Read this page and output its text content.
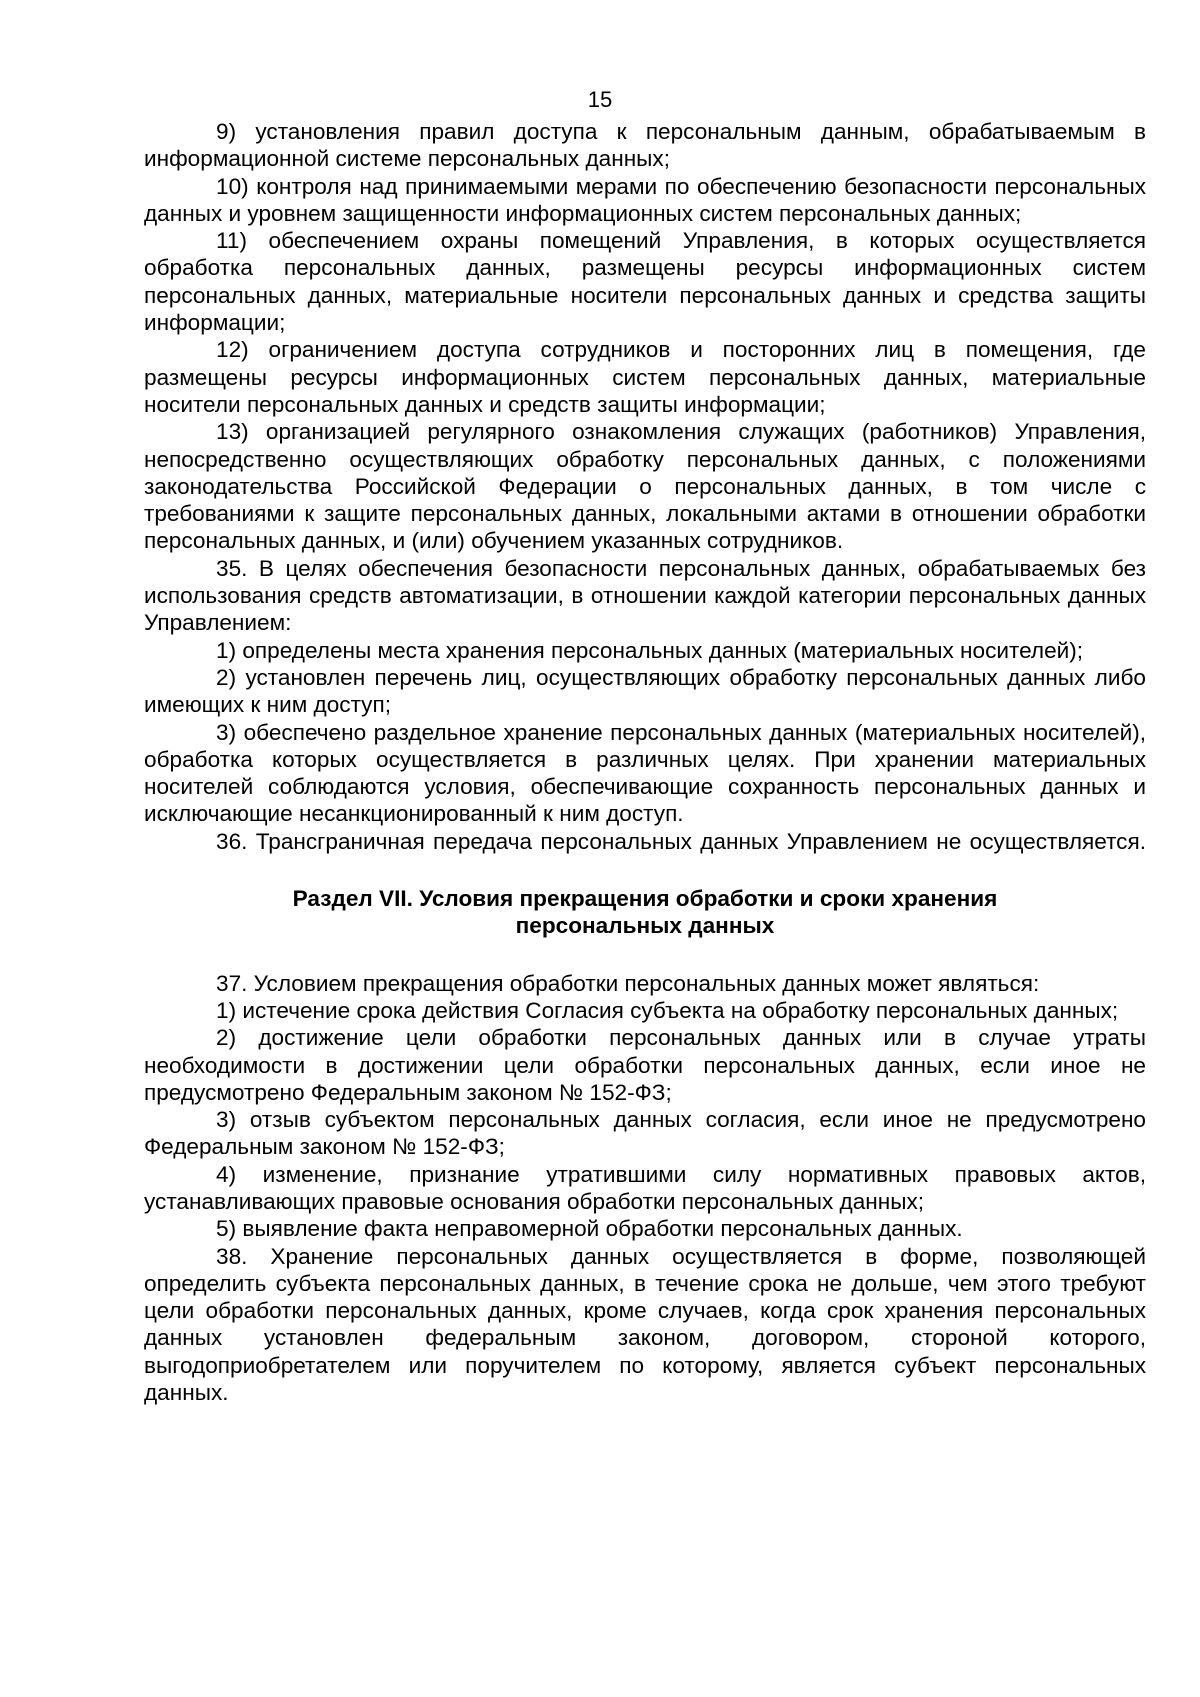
15

9) установления правил доступа к персональным данным, обрабатываемым в информационной системе персональных данных;

10) контроля над принимаемыми мерами по обеспечению безопасности персональных данных и уровнем защищенности информационных систем персональных данных;

11) обеспечением охраны помещений Управления, в которых осуществляется обработка персональных данных, размещены ресурсы информационных систем персональных данных, материальные носители персональных данных и средства защиты информации;

12) ограничением доступа сотрудников и посторонних лиц в помещения, где размещены ресурсы информационных систем персональных данных, материальные носители персональных данных и средств защиты информации;

13) организацией регулярного ознакомления служащих (работников) Управления, непосредственно осуществляющих обработку персональных данных, с положениями законодательства Российской Федерации о персональных данных, в том числе с требованиями к защите персональных данных, локальными актами в отношении обработки персональных данных, и (или) обучением указанных сотрудников.

35. В целях обеспечения безопасности персональных данных, обрабатываемых без использования средств автоматизации, в отношении каждой категории персональных данных Управлением:

1) определены места хранения персональных данных (материальных носителей);

2) установлен перечень лиц, осуществляющих обработку персональных данных либо имеющих к ним доступ;

3) обеспечено раздельное хранение персональных данных (материальных носителей), обработка которых осуществляется в различных целях. При хранении материальных носителей соблюдаются условия, обеспечивающие сохранность персональных данных и исключающие несанкционированный к ним доступ.

36. Трансграничная передача персональных данных Управлением не осуществляется.

Раздел VII. Условия прекращения обработки и сроки хранения
персональных данных

37. Условием прекращения обработки персональных данных может являться:

1) истечение срока действия Согласия субъекта на обработку персональных данных;

2) достижение цели обработки персональных данных или в случае утраты необходимости в достижении цели обработки персональных данных, если иное не предусмотрено Федеральным законом № 152-ФЗ;

3) отзыв субъектом персональных данных согласия, если иное не предусмотрено Федеральным законом № 152-ФЗ;

4) изменение, признание утратившими силу нормативных правовых актов, устанавливающих правовые основания обработки персональных данных;

5) выявление факта неправомерной обработки персональных данных.

38. Хранение персональных данных осуществляется в форме, позволяющей определить субъекта персональных данных, в течение срока не дольше, чем этого требуют цели обработки персональных данных, кроме случаев, когда срок хранения персональных данных установлен федеральным законом, договором, стороной которого, выгодоприобретателем или поручителем по которому, является субъект персональных данных.
